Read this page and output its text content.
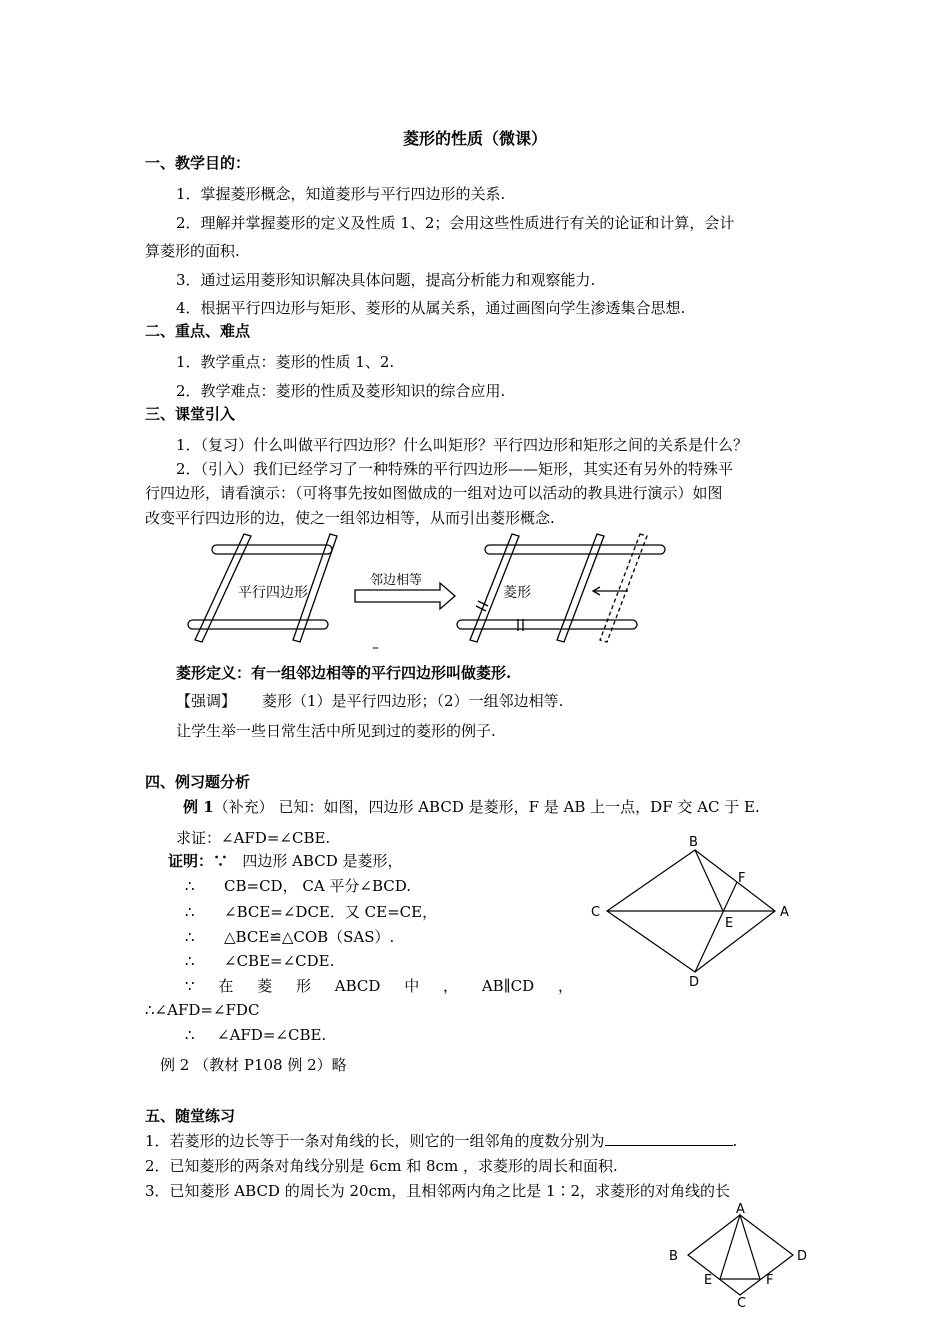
菱形的性质（微课）
一、教学目的：
1．掌握菱形概念，知道菱形与平行四边形的关系.
2．理解并掌握菱形的定义及性质 1、2；会用这些性质进行有关的论证和计算，会计
算菱形的面积.
3．通过运用菱形知识解决具体问题，提高分析能力和观察能力.
4．根据平行四边形与矩形、菱形的从属关系，通过画图向学生渗透集合思想.
二、重点、难点
1．教学重点：菱形的性质 1、2.
2．教学难点：菱形的性质及菱形知识的综合应用.
三、课堂引入
1．（复习）什么叫做平行四边形？什么叫矩形？平行四边形和矩形之间的关系是什么？
2．（引入）我们已经学习了一种特殊的平行四边形——矩形，其实还有另外的特殊平
行四边形，请看演示：（可将事先按如图做成的一组对边可以活动的教具进行演示）如图
改变平行四边形的边，使之一组邻边相等，从而引出菱形概念.
平行四边形
邻边相等
菱形
–
菱形定义：有一组邻边相等的平行四边形叫做菱形.
【强调】 菱形（1）是平行四边形；（2）一组邻边相等.
让学生举一些日常生活中所见到过的菱形的例子.
四、例习题分析
例 1（补充） 已知：如图，四边形 ABCD 是菱形，F 是 AB 上一点，DF 交 AC 于 E.
求证：∠AFD=∠CBE.
证明：∵ 四边形 ABCD 是菱形，
∴ CB=CD， CA 平分∠BCD.
∴ ∠BCE=∠DCE．又 CE=CE，
∴ △BCE≌△COB（SAS）.
∴ ∠CBE=∠CDE.
∵ 在 菱 形 ABCD 中 ， AB∥CD ，
∴∠AFD=∠FDC
∴ ∠AFD=∠CBE.
例 2 （教材 P108 例 2）略
B
A
C
D
E
F
五、随堂练习
1．若菱形的边长等于一条对角线的长，则它的一组邻角的度数分别为	.
2．已知菱形的两条对角线分别是 6cm 和 8cm ，求菱形的周长和面积.
3．已知菱形 ABCD 的周长为 20cm，且相邻两内角之比是 1∶2，求菱形的对角线的长
A
B
C
D
E	F
